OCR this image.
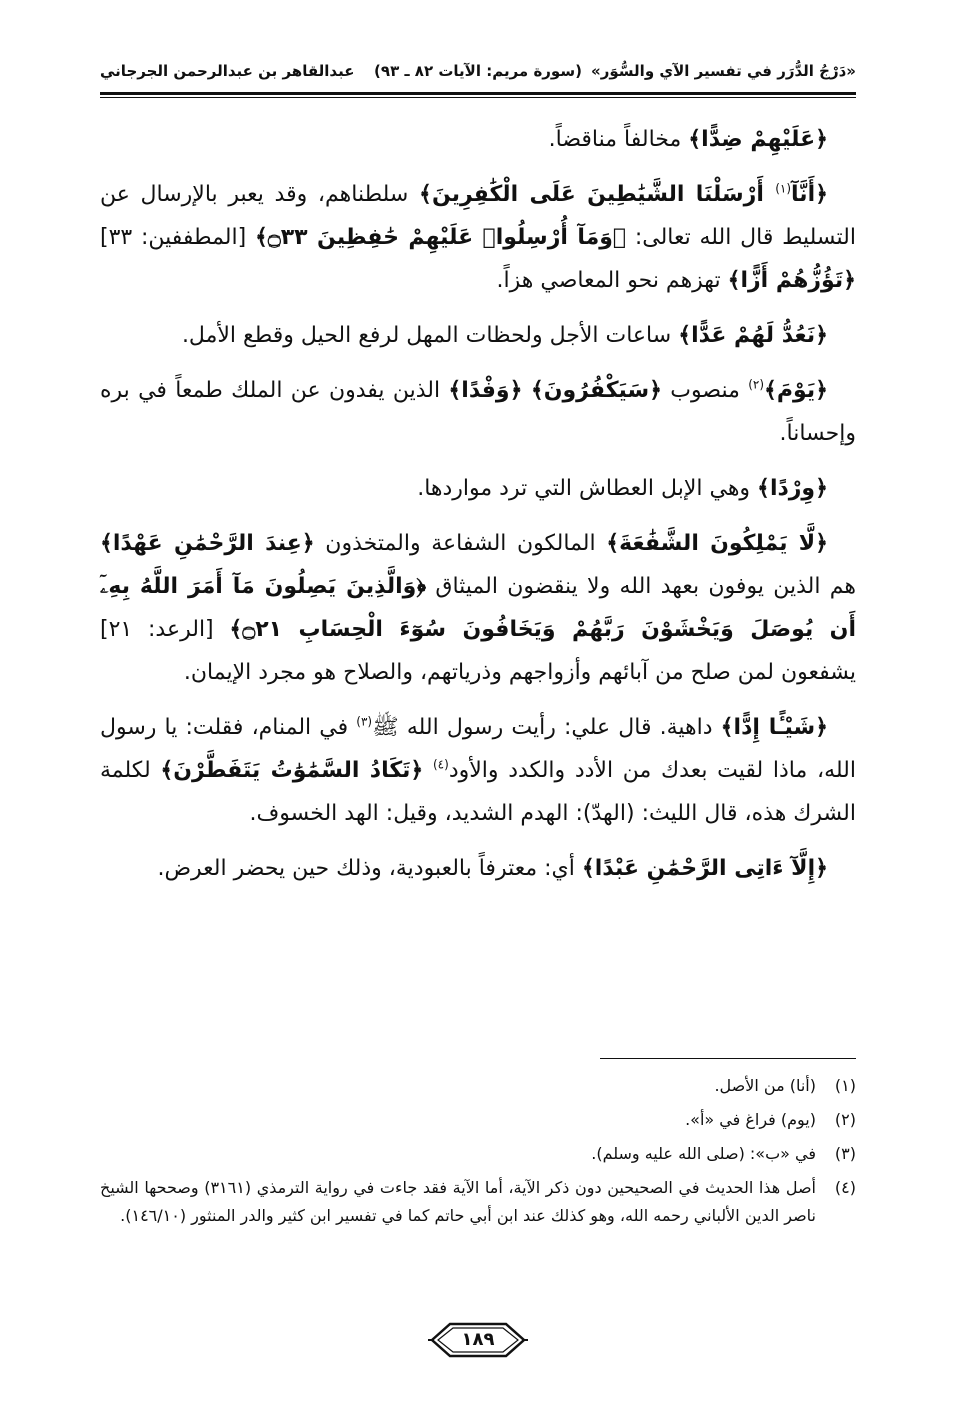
«دَرْجُ الدُّرَر في تفسير الآي والسُّوَر»
(سورة مريم: الآيات ٨٢ ـ ٩٣)
عبدالقاهر بن عبدالرحمن الجرجاني

﴿عَلَيْهِمْ ضِدًّا﴾ مخالفاً مناقضاً.

﴿أَنَّآ$^{(١)}$ أَرْسَلْنَا الشَّيَٰطِينَ عَلَى الْكَٰفِرِينَ﴾ سلطناهم، وقد يعبر بالإرسال عن التسليط قال الله تعالى: ﴿وَمَآ أُرْسِلُوا۟ عَلَيْهِمْ حَٰفِظِينَ ۝٣٣﴾ [المطففين: ٣٣] ﴿تَؤُزُّهُمْ أَزًّا﴾ تهزهم نحو المعاصي هزاً.

﴿نَعُدُّ لَهُمْ عَدًّا﴾ ساعات الأجل ولحظات المهل لرفع الحيل وقطع الأمل.

﴿يَوْمَ﴾$^{(٢)}$ منصوب ﴿سَيَكْفُرُونَ﴾ ﴿وَفْدًا﴾ الذين يفدون عن الملك طمعاً في بره وإحساناً.

﴿وِرْدًا﴾ وهي الإبل العطاش التي ترد مواردها.

﴿لَّا يَمْلِكُونَ الشَّفَٰعَةَ﴾ المالكون الشفاعة والمتخذون ﴿عِندَ الرَّحْمَٰنِ عَهْدًا﴾ هم الذين يوفون بعهد الله ولا ينقضون الميثاق ﴿وَالَّذِينَ يَصِلُونَ مَآ أَمَرَ اللَّهُ بِهِۦٓ أَن يُوصَلَ وَيَخْشَوْنَ رَبَّهُمْ وَيَخَافُونَ سُوٓءَ الْحِسَابِ ۝٢١﴾ [الرعد: ٢١] يشفعون لمن صلح من آبائهم وأزواجهم وذرياتهم، والصلاح هو مجرد الإيمان.

﴿شَيْـًٔا إِدًّا﴾ داهية. قال علي: رأيت رسول الله ﷺ$^{(٣)}$ في المنام، فقلت: يا رسول الله، ماذا لقيت بعدك من الأدد والكدد والأود$^{(٤)}$ ﴿تَكَادُ السَّمَٰوَٰتُ يَتَفَطَّرْنَ﴾ لكلمة الشرك هذه، قال الليث: (الهدّ): الهدم الشديد، وقيل: الهد الخسوف.

﴿إِلَّآ ءَاتِى الرَّحْمَٰنِ عَبْدًا﴾ أي: معترفاً بالعبودية، وذلك حين يحضر العرض.

(١)
(أنا) من الأصل.
(٢)
(يوم) فراغ في «أ».
(٣)
في «ب»: (صلى الله عليه وسلم).
(٤)
أصل هذا الحديث في الصحيحين دون ذكر الآية، أما الآية فقد جاءت في رواية الترمذي (٣١٦١) وصححها الشيخ ناصر الدين الألباني رحمه الله، وهو كذلك عند ابن أبي حاتم كما في تفسير ابن كثير والدر المنثور (١٤٦/١٠).
١٨٩
